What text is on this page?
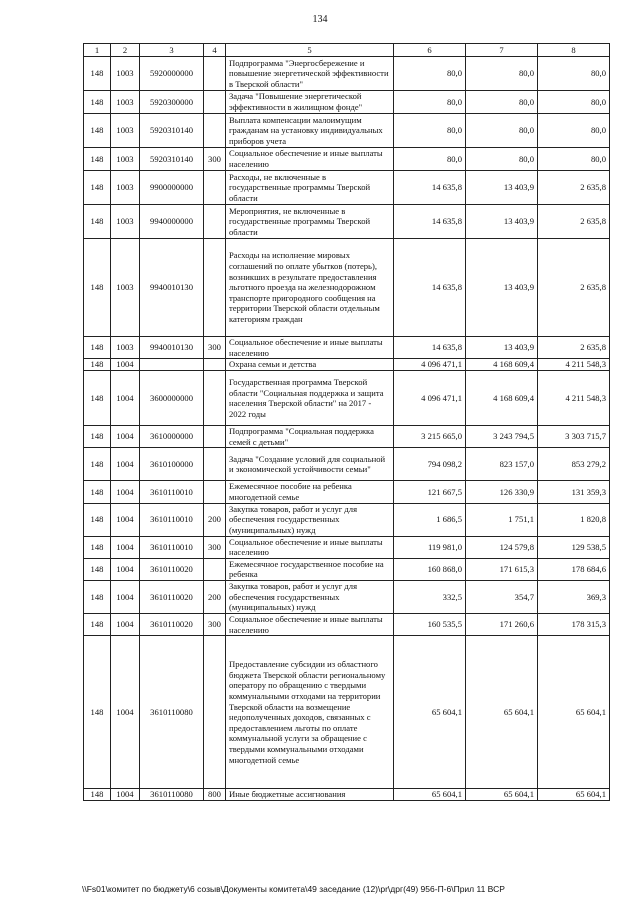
134
1	2	3	4	5	6	7	8
148	1003	5920000000		Подпрограмма "Энергосбережение и повышение энергетической эффективности в Тверской области"	80,0	80,0	80,0
148	1003	5920300000		Задача "Повышение энергетической эффективности в жилищном фонде"	80,0	80,0	80,0
148	1003	5920310140		Выплата компенсации малоимущим гражданам на установку индивидуальных приборов учета	80,0	80,0	80,0
148	1003	5920310140	300	Социальное обеспечение и иные выплаты населению	80,0	80,0	80,0
148	1003	9900000000		Расходы, не включенные в государственные программы Тверской области	14 635,8	13 403,9	2 635,8
148	1003	9940000000		Мероприятия, не включенные в государственные программы Тверской области	14 635,8	13 403,9	2 635,8
148	1003	9940010130		Расходы на исполнение мировых соглашений по оплате убытков (потерь), возникших в результате предоставления льготного проезда на железнодорожном транспорте пригородного сообщения на территории Тверской области отдельным категориям граждан	14 635,8	13 403,9	2 635,8
148	1003	9940010130	300	Социальное обеспечение и иные выплаты населению	14 635,8	13 403,9	2 635,8
148	1004			Охрана семьи и детства	4 096 471,1	4 168 609,4	4 211 548,3
148	1004	3600000000		Государственная программа Тверской области "Социальная поддержка и защита населения Тверской области" на 2017 - 2022 годы	4 096 471,1	4 168 609,4	4 211 548,3
148	1004	3610000000		Подпрограмма "Социальная поддержка семей с детьми"	3 215 665,0	3 243 794,5	3 303 715,7
148	1004	3610100000		Задача "Создание условий для социальной и экономической устойчивости семьи"	794 098,2	823 157,0	853 279,2
148	1004	3610110010		Ежемесячное пособие на ребенка многодетной семье	121 667,5	126 330,9	131 359,3
148	1004	3610110010	200	Закупка товаров, работ и услуг для обеспечения государственных (муниципальных) нужд	1 686,5	1 751,1	1 820,8
148	1004	3610110010	300	Социальное обеспечение и иные выплаты населению	119 981,0	124 579,8	129 538,5
148	1004	3610110020		Ежемесячное государственное пособие на ребенка	160 868,0	171 615,3	178 684,6
148	1004	3610110020	200	Закупка товаров, работ и услуг для обеспечения государственных (муниципальных) нужд	332,5	354,7	369,3
148	1004	3610110020	300	Социальное обеспечение и иные выплаты населению	160 535,5	171 260,6	178 315,3
148	1004	3610110080		Предоставление субсидии из областного бюджета Тверской области региональному оператору по обращению с твердыми коммунальными отходами на территории Тверской области на возмещение недополученных доходов, связанных с предоставлением льготы по оплате коммунальной услуги за обращение с твердыми коммунальными отходами многодетной семье	65 604,1	65 604,1	65 604,1
148	1004	3610110080	800	Иные бюджетные ассигнования	65 604,1	65 604,1	65 604,1
\\Fs01\комитет по бюджету\6 созыв\Документы комитета\49 заседание (12)\pr\дрг(49) 956-П-6\Прил 11 ВСР
